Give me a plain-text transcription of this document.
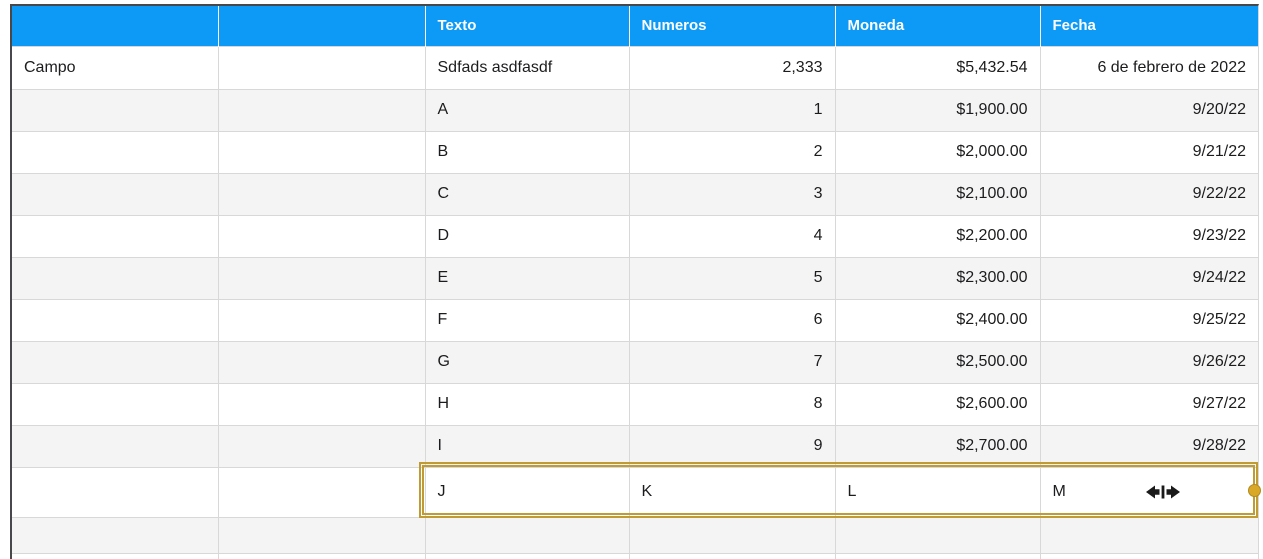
		Texto	Numeros	Moneda	Fecha
Campo		Sdfads asdfasdf	2,333	$5,432.54	6 de febrero de 2022
		A	1	$1,900.00	9/20/22
		B	2	$2,000.00	9/21/22
		C	3	$2,100.00	9/22/22
		D	4	$2,200.00	9/23/22
		E	5	$2,300.00	9/24/22
		F	6	$2,400.00	9/25/22
		G	7	$2,500.00	9/26/22
		H	8	$2,600.00	9/27/22
		I	9	$2,700.00	9/28/22
		J	K	L	M
